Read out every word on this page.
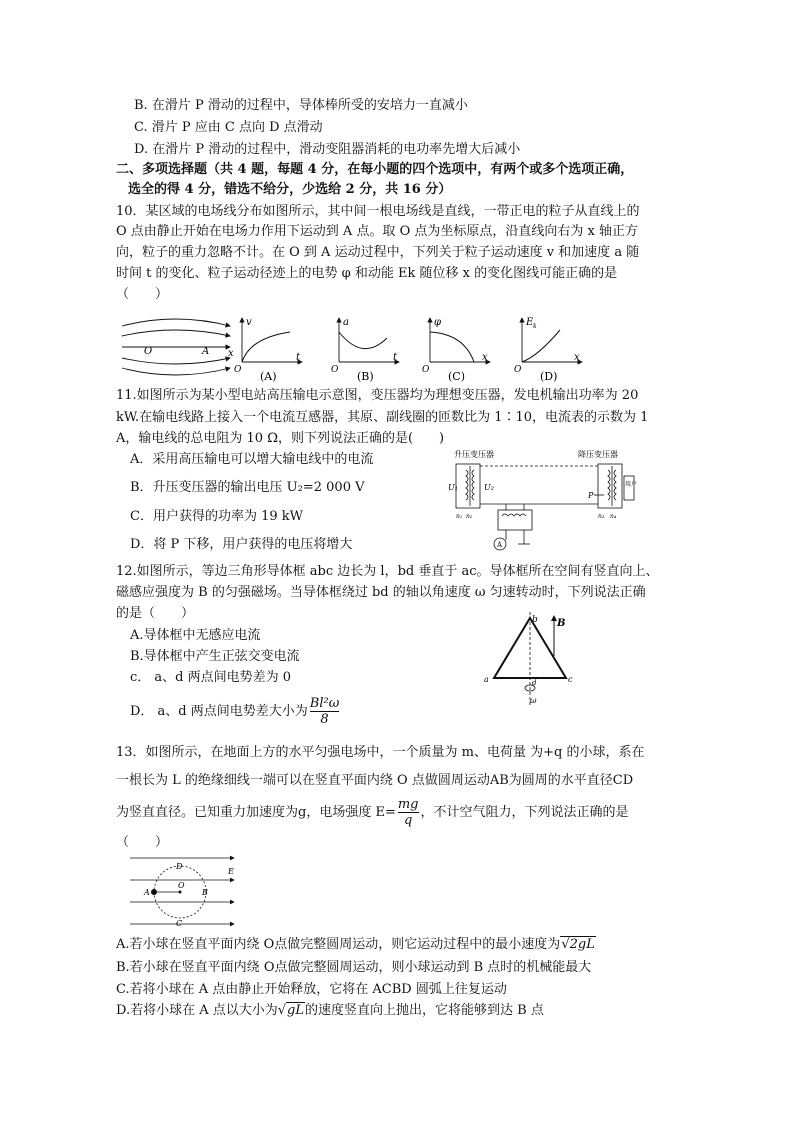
B. 在滑片 P 滑动的过程中，导体棒所受的安培力一直减小
C. 滑片 P 应由 C 点向 D 点滑动
D. 在滑片 P 滑动的过程中，滑动变阻器消耗的电功率先增大后减小
二、多项选择题（共 4 题，每题 4 分，在每小题的四个选项中，有两个或多个选项正确，
选全的得 4 分，错选不给分，少选给 2 分，共 16 分）
10．某区域的电场线分布如图所示，其中间一根电场线是直线，一带正电的粒子从直线上的
O 点由静止开始在电场力作用下运动到 A 点。取 O 点为坐标原点，沿直线向右为 x 轴正方
向，粒子的重力忽略不计。在 O 到 A 运动过程中，下列关于粒子运动速度 v 和加速度 a 随
时间 t 的变化、粒子运动径迹上的电势 φ 和动能 Ek 随位移 x 的变化图线可能正确的是
（　　）
O	A x
v
t
O (A)
a
t
O (B)
φ
x
O (C)
E k
x
O (D)
11.如图所示为某小型电站高压输电示意图，变压器均为理想变压器，发电机输出功率为 20
kW.在输电线路上接入一个电流互感器，其原、副线圈的匝数比为 1∶10，电流表的示数为 1
A，输电线的总电阻为 10 Ω，则下列说法正确的是(　　)
A．采用高压输电可以增大输电线中的电流
B．升压变压器的输出电压 U₂=2 000 V
C．用户获得的功率为 19 kW
D．将 P 下移，用户获得的电压将增大
升压变压器	降压变压器
U₁	U₂
A
n₁ n₂
P
用户
n₃ n₄
12.如图所示，等边三角形导体框 abc 边长为 l，bd 垂直于 ac。导体框所在空间有竖直向上、
磁感应强度为 B 的匀强磁场。当导体框绕过 bd 的轴以角速度 ω 匀速转动时，下列说法正确
的是（　　）
A.导体框中无感应电流
B.导体框中产生正弦交变电流
c． a、d 两点间电势差为 0
D． a、d 两点间电势差大小为 $\frac{\text{Bl²ω}}{8}$
b B
a	c
d
ω
13．如图所示，在地面上方的水平匀强电场中，一个质量为 m、电荷量 为+q 的小球，系在
一根长为 L 的绝缘细线一端可以在竖直平面内绕 O 点做圆周运动AB为圆周的水平直径CD
为竖直直径。已知重力加速度为g，电场强度 $E= \frac{mg}{q}$ ，不计空气阻力，下列说法正确的是
（　　）
D
C
A	B
O
E
A.若小球在竖直平面内绕 O点做完整圆周运动，则它运动过程中的最小速度为√2gL
B.若小球在竖直平面内绕 O点做完整圆周运动，则小球运动到 B 点时的机械能最大
C.若将小球在 A 点由静止开始释放，它将在 ACBD 圆弧上往复运动
D.若将小球在 A 点以大小为√gL的速度竖直向上抛出，它将能够到达 B 点
